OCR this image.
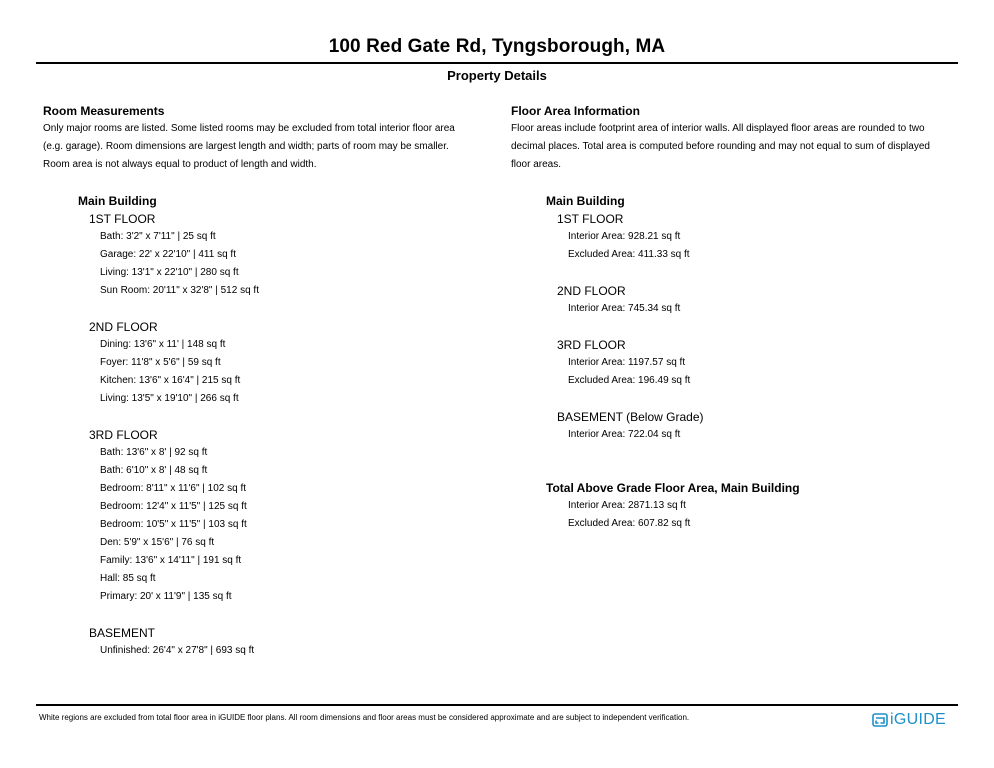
100 Red Gate Rd, Tyngsborough, MA
Property Details
Room Measurements
Only major rooms are listed. Some listed rooms may be excluded from total interior floor area
(e.g. garage). Room dimensions are largest length and width; parts of room may be smaller.
Room area is not always equal to product of length and width.
Main Building
1ST FLOOR
Bath: 3'2" x 7'11" | 25 sq ft
Garage: 22' x 22'10" | 411 sq ft
Living: 13'1" x 22'10" | 280 sq ft
Sun Room: 20'11" x 32'8" | 512 sq ft
2ND FLOOR
Dining: 13'6" x 11' | 148 sq ft
Foyer: 11'8" x 5'6" | 59 sq ft
Kitchen: 13'6" x 16'4" | 215 sq ft
Living: 13'5" x 19'10" | 266 sq ft
3RD FLOOR
Bath: 13'6" x 8' | 92 sq ft
Bath: 6'10" x 8' | 48 sq ft
Bedroom: 8'11" x 11'6" | 102 sq ft
Bedroom: 12'4" x 11'5" | 125 sq ft
Bedroom: 10'5" x 11'5" | 103 sq ft
Den: 5'9" x 15'6" | 76 sq ft
Family: 13'6" x 14'11" | 191 sq ft
Hall: 85 sq ft
Primary: 20' x 11'9" | 135 sq ft
BASEMENT
Unfinished: 26'4" x 27'8" | 693 sq ft
Floor Area Information
Floor areas include footprint area of interior walls. All displayed floor areas are rounded to two
decimal places. Total area is computed before rounding and may not equal to sum of displayed
floor areas.
Main Building
1ST FLOOR
Interior Area: 928.21 sq ft
Excluded Area: 411.33 sq ft
2ND FLOOR
Interior Area: 745.34 sq ft
3RD FLOOR
Interior Area: 1197.57 sq ft
Excluded Area: 196.49 sq ft
BASEMENT (Below Grade)
Interior Area: 722.04 sq ft
Total Above Grade Floor Area, Main Building
Interior Area: 2871.13 sq ft
Excluded Area: 607.82 sq ft
White regions are excluded from total floor area in iGUIDE floor plans. All room dimensions and floor areas must be considered approximate and are subject to independent verification.	iGUIDE
